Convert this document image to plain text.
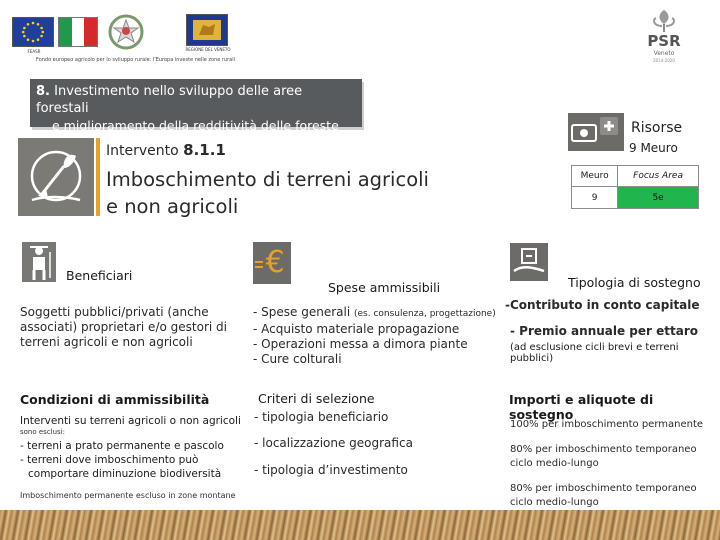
FEASR	REGIONE DEL VENETO
Fondo europeo agricolo per lo sviluppo rurale: l'Europa investe nelle zone rurali
PSR
Veneto
2014-2020
8. Investimento nello sviluppo delle aree forestali
e miglioramento della redditività delle foreste
Intervento 8.1.1
Imboschimento di terreni agricoli
e non agricoli
Risorse
9 Meuro
Meuro	Focus Area
9	5e
€
Beneficiari
Soggetti pubblici/privati (anche associati) proprietari e/o gestori di terreni agricoli e non agricoli
Spese ammissibili
- Spese generali (es. consulenza, progettazione)
- Acquisto materiale propagazione
- Operazioni messa a dimora piante
- Cure colturali
Tipologia di sostegno
-Contributo in conto capitale
- Premio annuale per ettaro
(ad esclusione cicli brevi e terreni pubblici)
Condizioni di ammissibilità
Interventi su terreni agricoli o non agricoli
sono esclusi:
- terreni a prato permanente e pascolo
- terreni dove imboschimento può
comportare diminuzione biodiversità
Imboschimento permanente escluso in zone montane
Criteri di selezione
- tipologia beneficiario
- localizzazione geografica
- tipologia d’investimento
Importi e aliquote di sostegno
100% per imboschimento permanente
80% per imboschimento temporaneo ciclo medio-lungo
80% per imboschimento temporaneo ciclo medio-lungo
